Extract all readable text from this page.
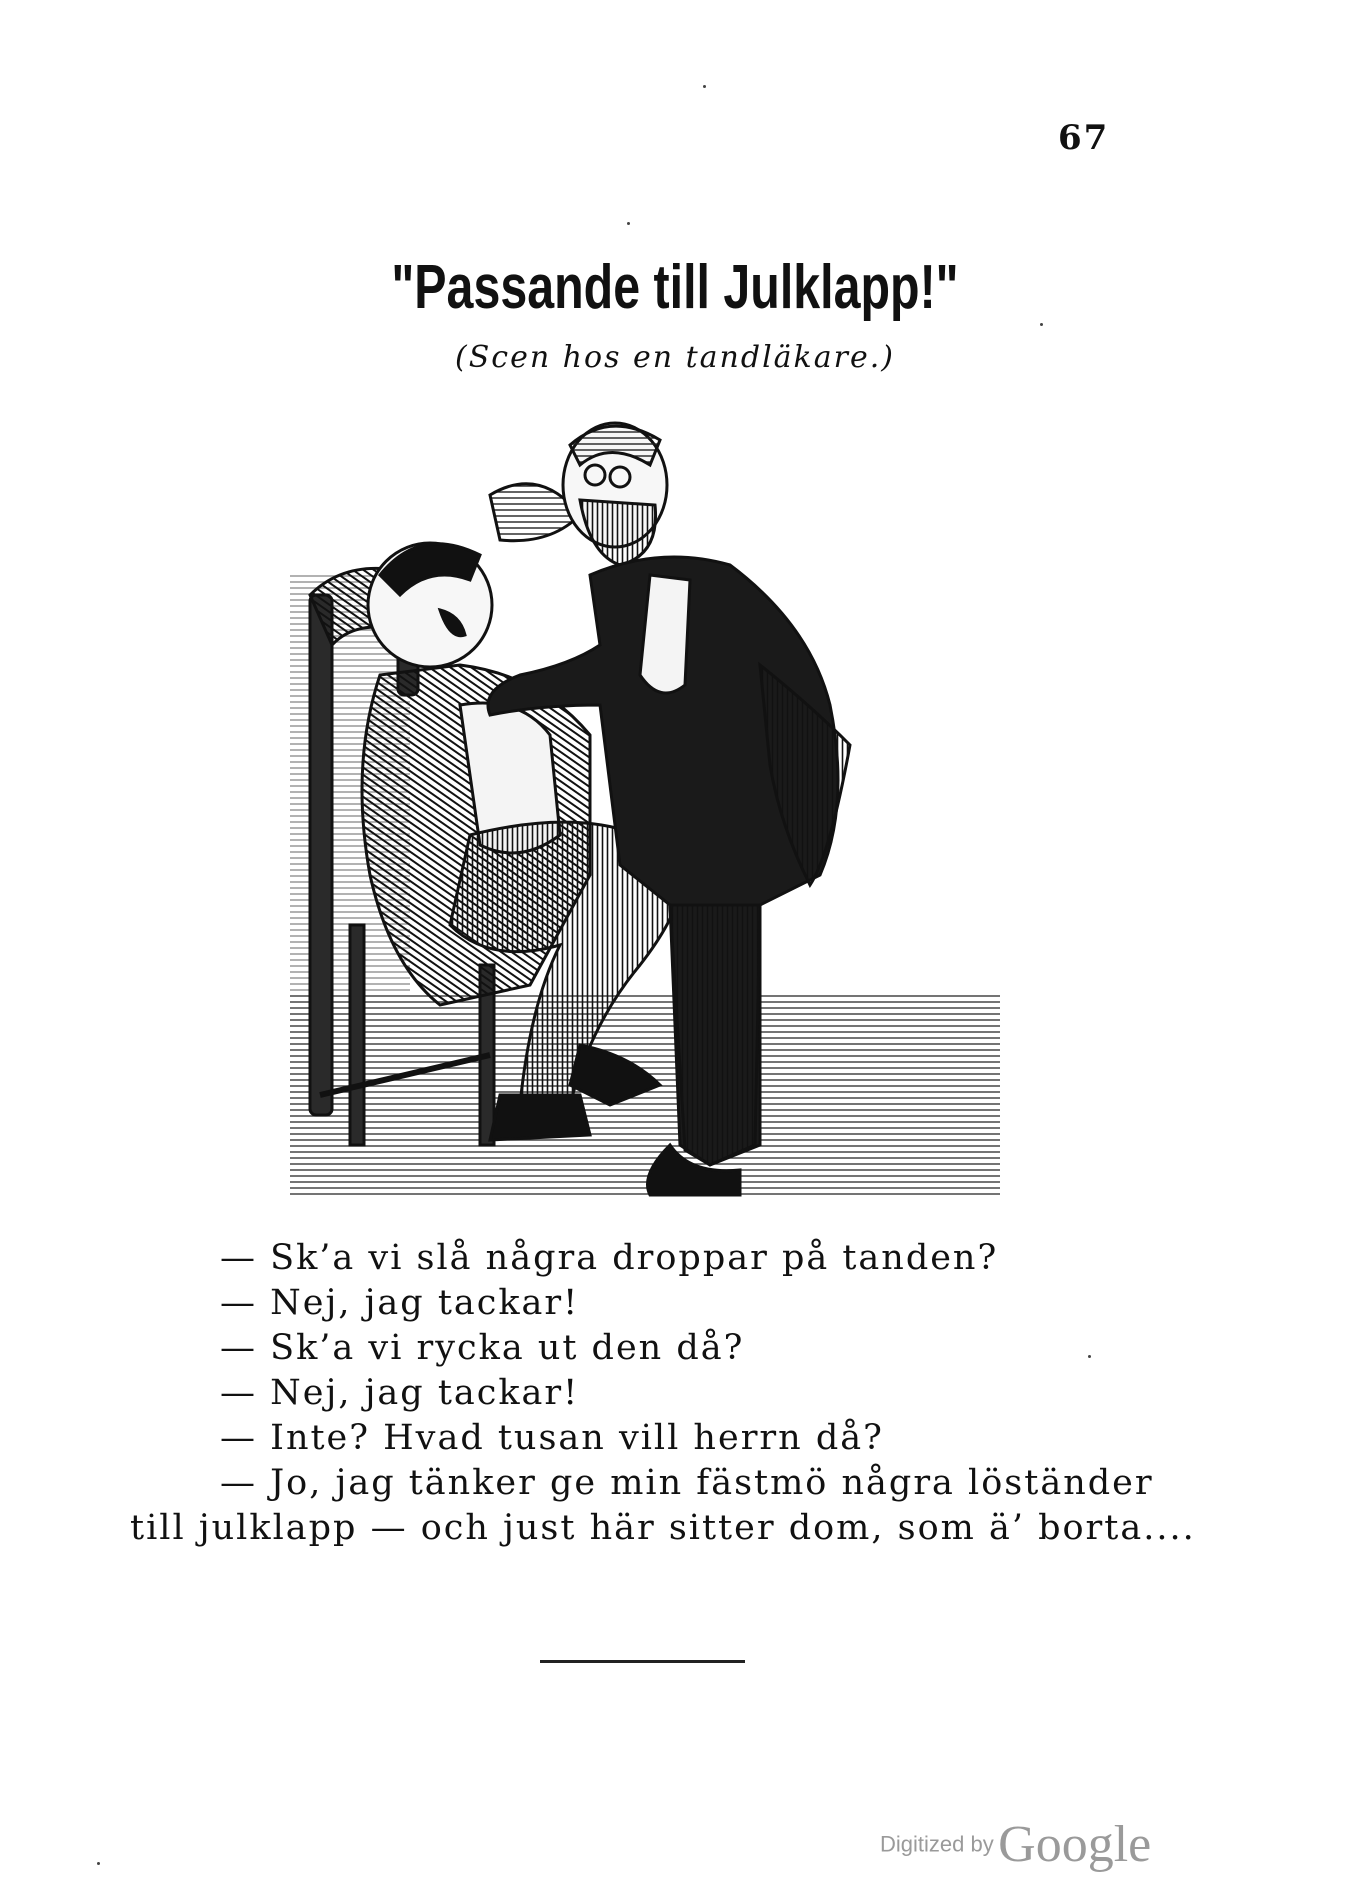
67
"Passande till Julklapp!"
(Scen hos en tandläkare.)
— Sk’a vi slå några droppar på tanden?
— Nej, jag tackar!
— Sk’a vi rycka ut den då?
— Nej, jag tackar!
— Inte? Hvad tusan vill herrn då?
— Jo, jag tänker ge min fästmö några löständer
till julklapp — och just här sitter dom, som ä’ borta....
Digitized by Google
